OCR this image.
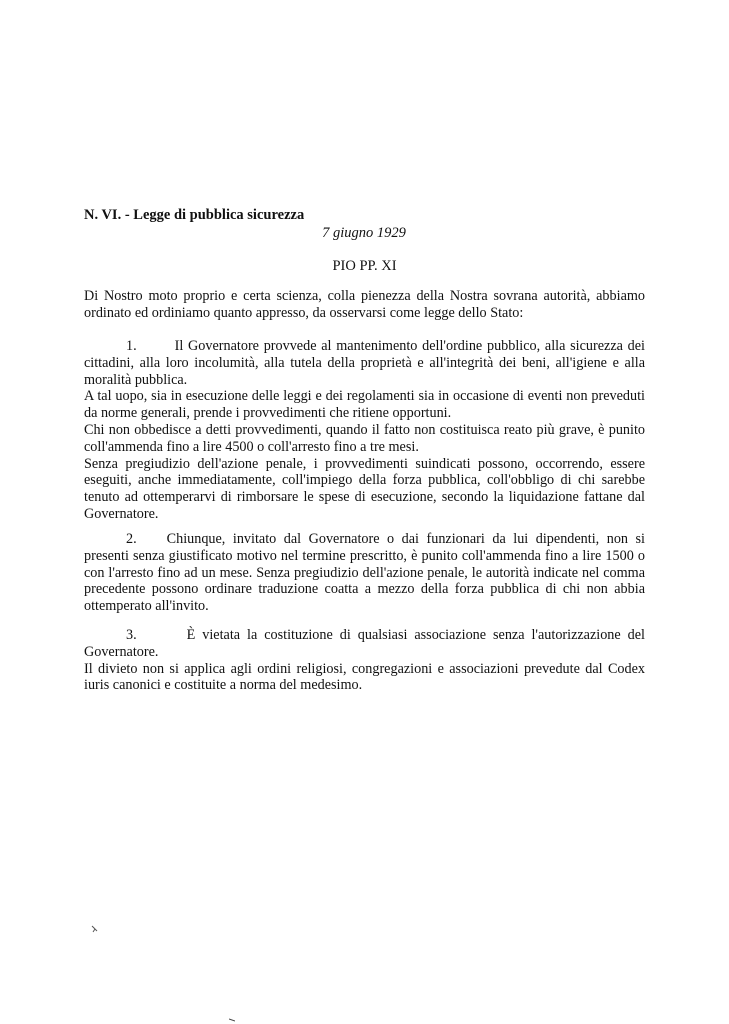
N. VI. - Legge di pubblica sicurezza
7 giugno 1929
PIO PP. XI

Di Nostro moto proprio e certa scienza, colla pienezza della Nostra sovrana autorità, abbiamo ordinato ed ordiniamo quanto appresso, da osservarsi come legge dello Stato:

1.	Il Governatore provvede al mantenimento dell'ordine pubblico, alla sicurezza dei cittadini, alla loro incolumità, alla tutela della proprietà e all'integrità dei beni, all'igiene e alla moralità pubblica.

A tal uopo, sia in esecuzione delle leggi e dei regolamenti sia in occasione di eventi non preveduti da norme generali, prende i provvedimenti che ritiene opportuni.

Chi non obbedisce a detti provvedimenti, quando il fatto non costituisca reato più grave, è punito coll'ammenda fino a lire 4500 o coll'arresto fino a tre mesi.

Senza pregiudizio dell'azione penale, i provvedimenti suindicati possono, occorrendo, essere eseguiti, anche immediatamente, coll'impiego della forza pubblica, coll'obbligo di chi sarebbe tenuto ad ottemperarvi di rimborsare le spese di esecuzione, secondo la liquidazione fattane dal Governatore.

2. Chiunque, invitato dal Governatore o dai funzionari da lui dipendenti, non si presenti senza giustificato motivo nel termine prescritto, è punito coll'ammenda fino a lire 1500 o con l'arresto fino ad un mese. Senza pregiudizio dell'azione penale, le autorità indicate nel comma precedente possono ordinare traduzione coatta a mezzo della forza pubblica di chi non abbia ottemperato all'invito.

3.	È vietata la costituzione di qualsiasi associazione senza l'autorizzazione del Governatore.

Il divieto non si applica agli ordini religiosi, congregazioni e associazioni prevedute dal Codex iuris canonici e costituite a norma del medesimo.
